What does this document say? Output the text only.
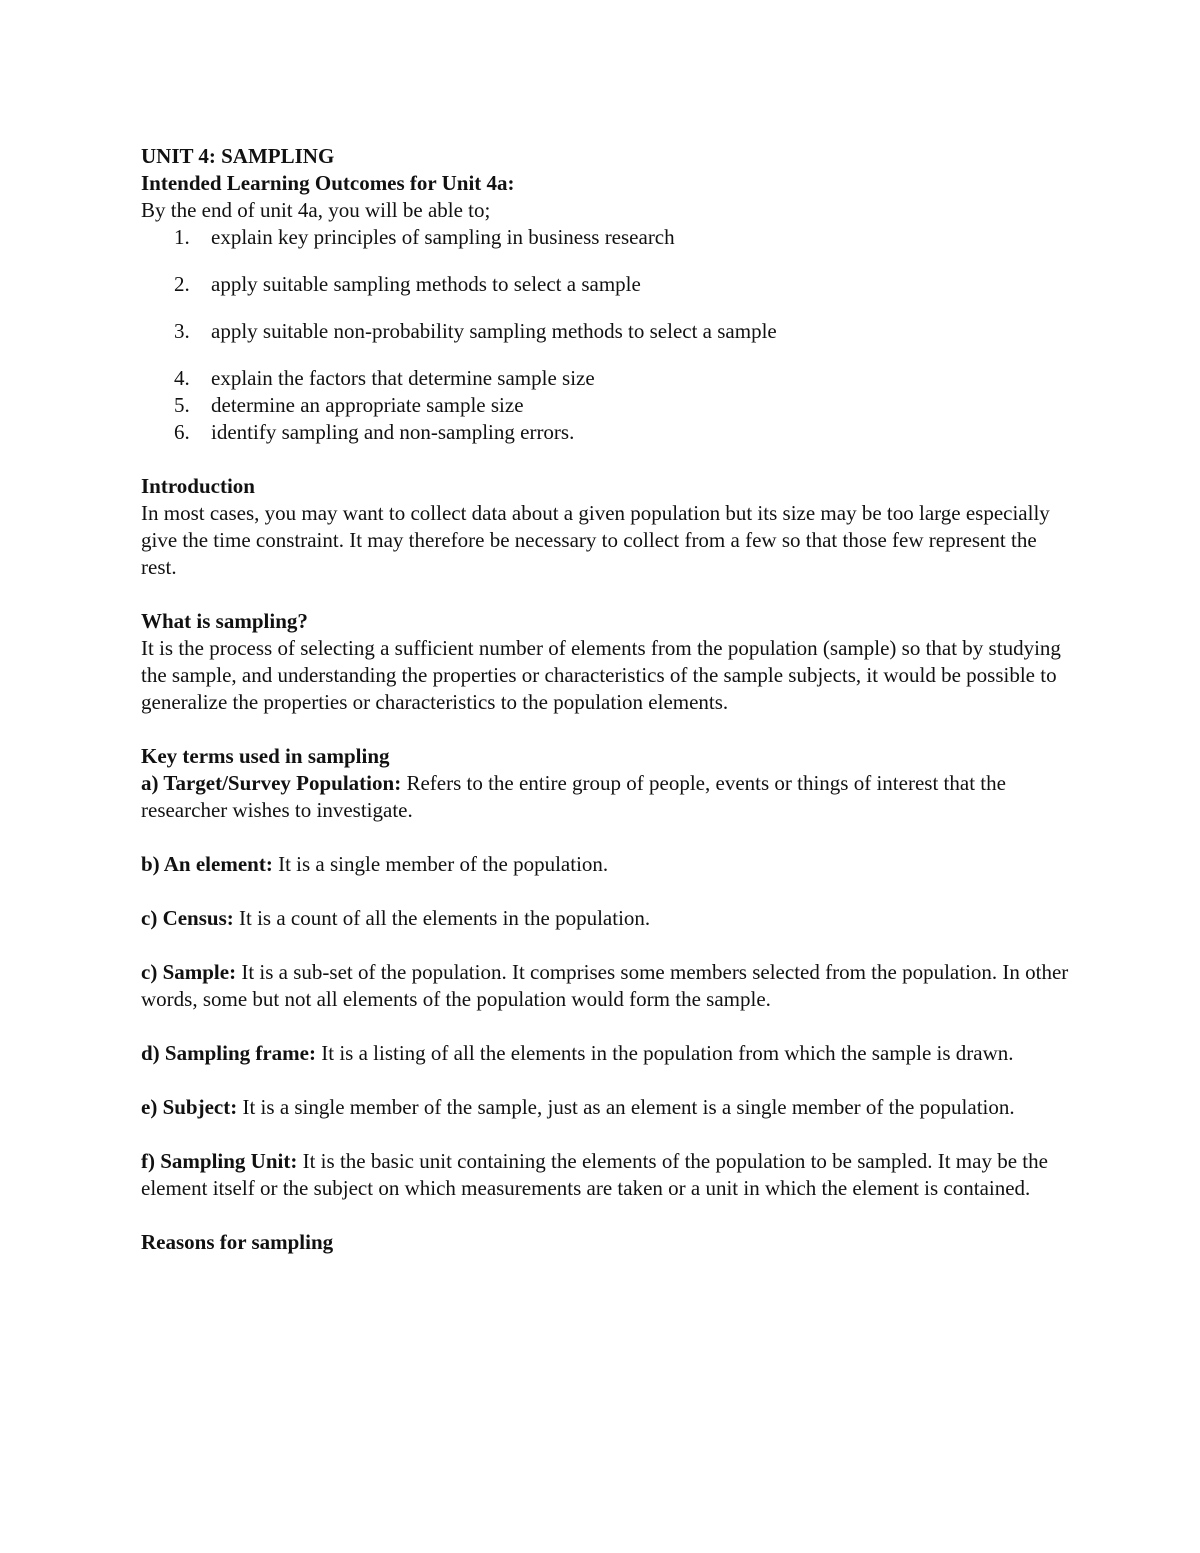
UNIT 4: SAMPLING

Intended Learning Outcomes for Unit 4a:

By the end of unit 4a, you will be able to;

1. explain key principles of sampling in business research
2. apply suitable sampling methods to select a sample
3. apply suitable non-probability sampling methods to select a sample
4. explain the factors that determine sample size
5. determine an appropriate sample size
6. identify sampling and non-sampling errors.

Introduction

In most cases, you may want to collect data about a given population but its size may be too large especially give the time constraint. It may therefore be necessary to collect from a few so that those few represent the rest.

What is sampling?

It is the process of selecting a sufficient number of elements from the population (sample) so that by studying the sample, and understanding the properties or characteristics of the sample subjects, it would be possible to generalize the properties or characteristics to the population elements.

Key terms used in sampling

a) Target/Survey Population: Refers to the entire group of people, events or things of interest that the researcher wishes to investigate.

b) An element: It is a single member of the population.

c) Census: It is a count of all the elements in the population.

c) Sample: It is a sub-set of the population. It comprises some members selected from the population. In other words, some but not all elements of the population would form the sample.

d) Sampling frame: It is a listing of all the elements in the population from which the sample is drawn.

e) Subject: It is a single member of the sample, just as an element is a single member of the population.

f) Sampling Unit: It is the basic unit containing the elements of the population to be sampled. It may be the element itself or the subject on which measurements are taken or a unit in which the element is contained.

Reasons for sampling
